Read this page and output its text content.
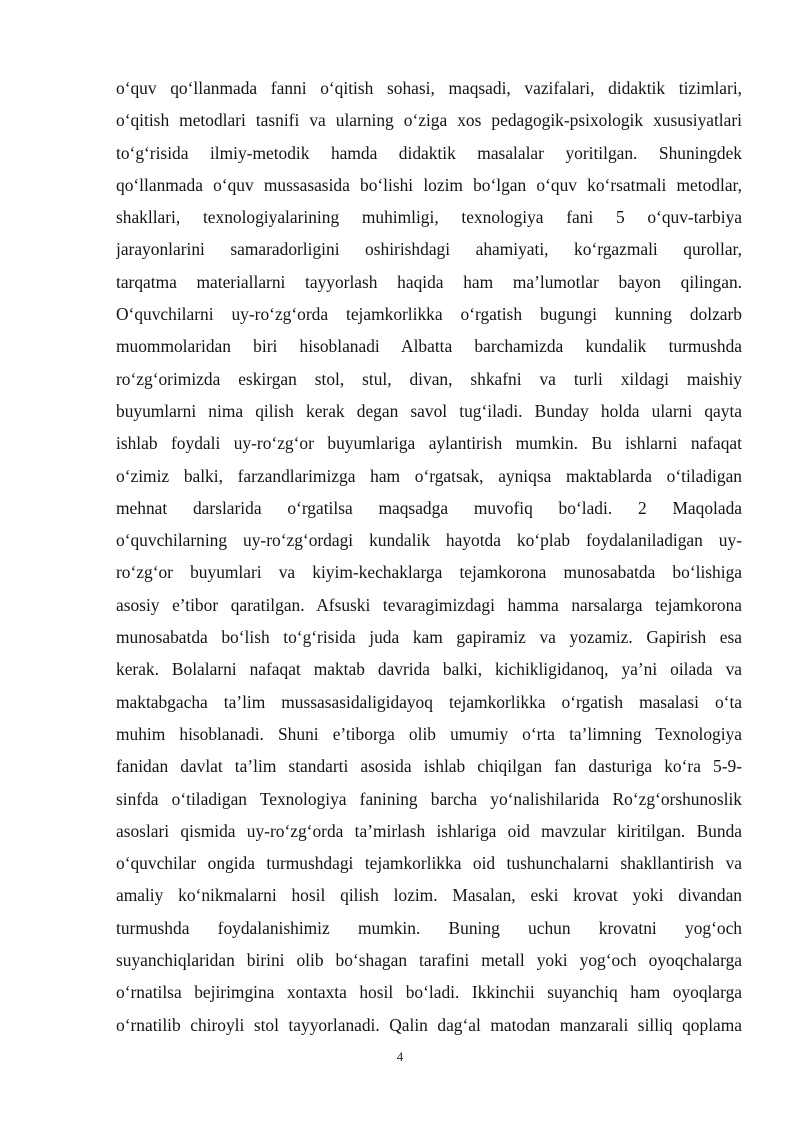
o‘quv qo‘llanmada fanni o‘qitish sohasi, maqsadi, vazifalari, didaktik tizimlari,
o‘qitish metodlari tasnifi va ularning o‘ziga xos pedagogik-psixologik xususiyatlari
to‘g‘risida ilmiy-metodik hamda didaktik masalalar yoritilgan. Shuningdek
qo‘llanmada o‘quv mussasasida bo‘lishi lozim bo‘lgan o‘quv ko‘rsatmali metodlar,
shakllari, texnologiyalarining muhimligi, texnologiya fani 5 o‘quv-tarbiya
jarayonlarini samaradorligini oshirishdagi ahamiyati, ko‘rgazmali qurollar,
tarqatma materiallarni tayyorlash haqida ham ma’lumotlar bayon qilingan.
O‘quvchilarni uy-ro‘zg‘orda tejamkorlikka o‘rgatish bugungi kunning dolzarb
muommolaridan biri hisoblanadi Albatta barchamizda kundalik turmushda
ro‘zg‘orimizda eskirgan stol, stul, divan, shkafni va turli xildagi maishiy
buyumlarni nima qilish kerak degan savol tug‘iladi. Bunday holda ularni qayta
ishlab foydali uy-ro‘zg‘or buyumlariga aylantirish mumkin. Bu ishlarni nafaqat
o‘zimiz balki, farzandlarimizga ham o‘rgatsak, ayniqsa maktablarda o‘tiladigan
mehnat darslarida o‘rgatilsa maqsadga muvofiq bo‘ladi. 2 Maqolada
o‘quvchilarning uy-ro‘zg‘ordagi kundalik hayotda ko‘plab foydalaniladigan uy-
ro‘zg‘or buyumlari va kiyim-kechaklarga tejamkorona munosabatda bo‘lishiga
asosiy e’tibor qaratilgan. Afsuski tevaragimizdagi hamma narsalarga tejamkorona
munosabatda bo‘lish to‘g‘risida juda kam gapiramiz va yozamiz. Gapirish esa
kerak. Bolalarni nafaqat maktab davrida balki, kichikligidanoq, ya’ni oilada va
maktabgacha ta’lim mussasasidaligidayoq tejamkorlikka o‘rgatish masalasi o‘ta
muhim hisoblanadi. Shuni e’tiborga olib umumiy o‘rta ta’limning Texnologiya
fanidan davlat ta’lim standarti asosida ishlab chiqilgan fan dasturiga ko‘ra 5-9-
sinfda o‘tiladigan Texnologiya fanining barcha yo‘nalishilarida Ro‘zg‘orshunoslik
asoslari qismida uy-ro‘zg‘orda ta’mirlash ishlariga oid mavzular kiritilgan. Bunda
o‘quvchilar ongida turmushdagi tejamkorlikka oid tushunchalarni shakllantirish va
amaliy ko‘nikmalarni hosil qilish lozim. Masalan, eski krovat yoki divandan
turmushda foydalanishimiz mumkin. Buning uchun krovatni yog‘och
suyanchiqlaridan birini olib bo‘shagan tarafini metall yoki yog‘och oyoqchalarga
o‘rnatilsa bejirimgina xontaxta hosil bo‘ladi. Ikkinchii suyanchiq ham oyoqlarga
o‘rnatilib chiroyli stol tayyorlanadi. Qalin dag‘al matodan manzarali silliq qoplama
4
